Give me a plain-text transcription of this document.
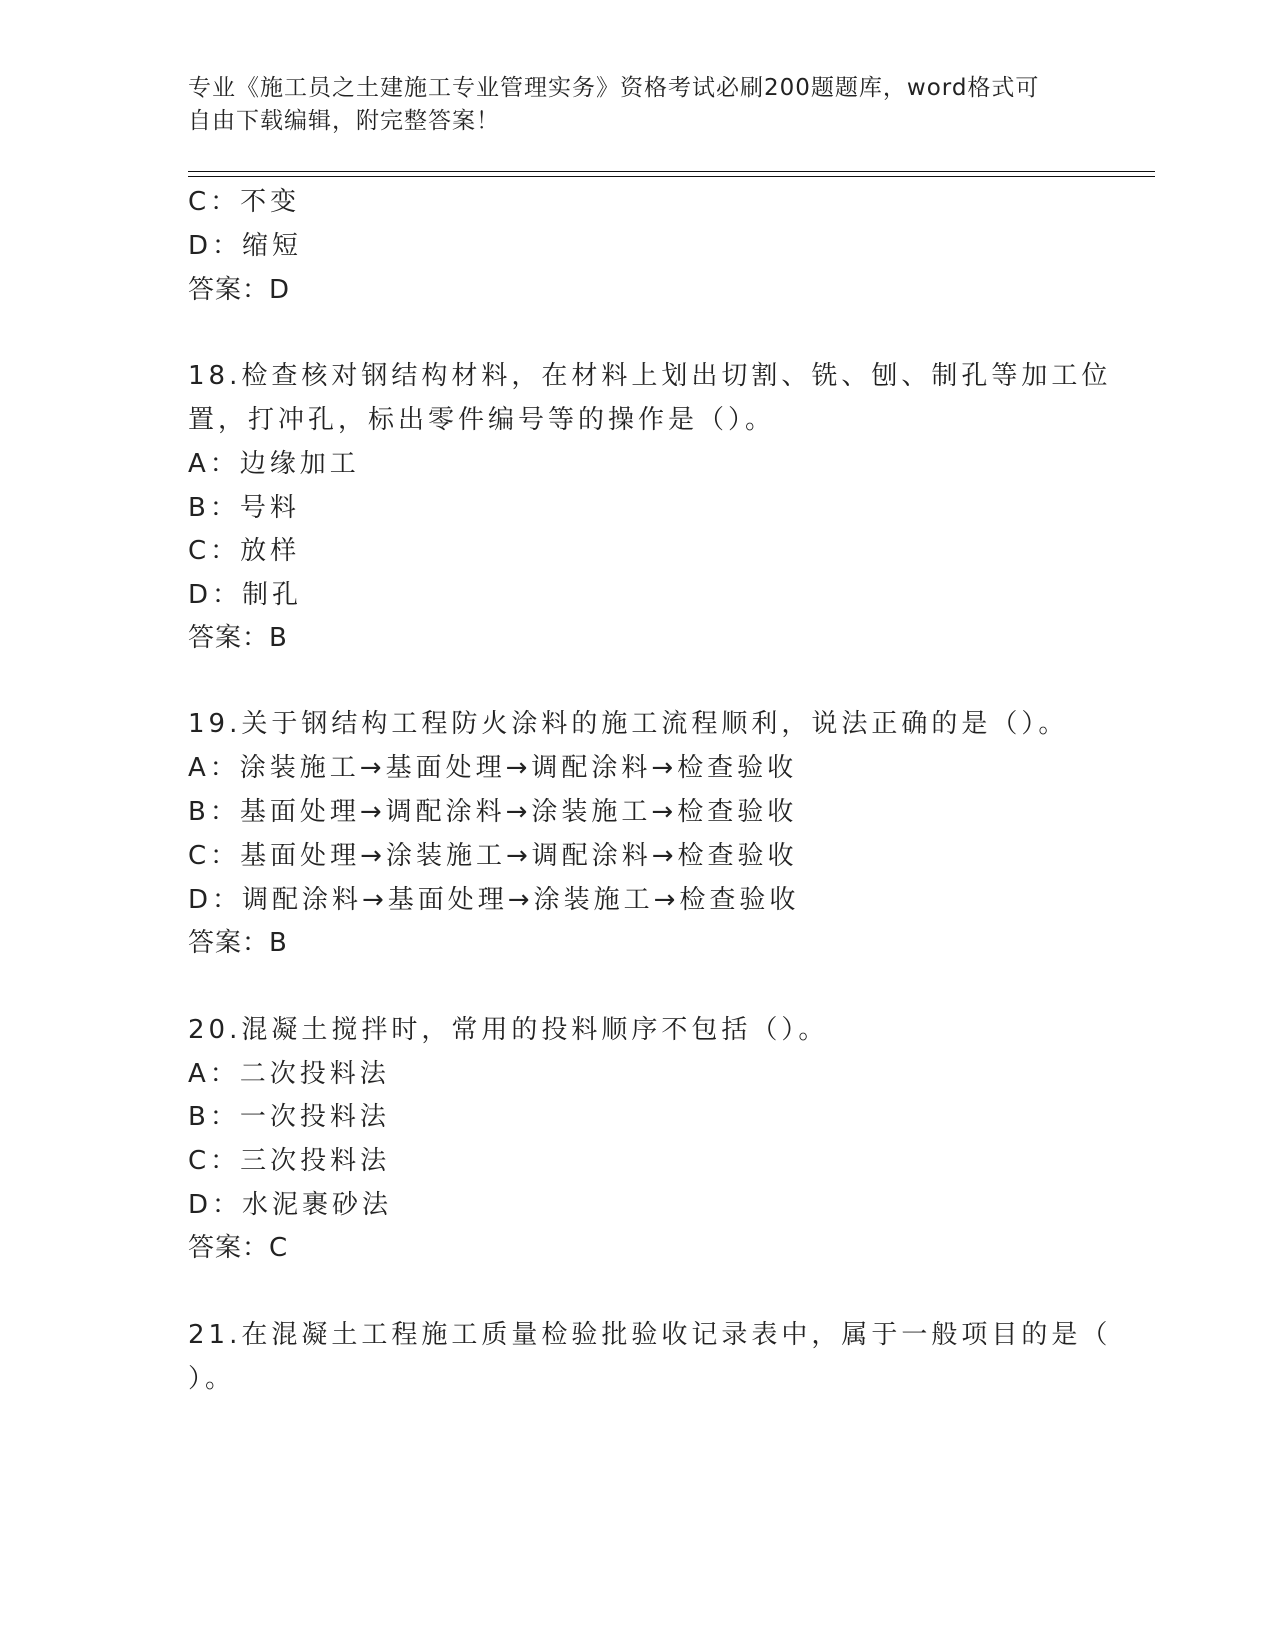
专业《施工员之土建施工专业管理实务》资格考试必刷200题题库，word格式可
自由下载编辑，附完整答案！
C：不变
D：缩短
答案：D
18.检查核对钢结构材料，在材料上划出切割、铣、刨、制孔等加工位
置，打冲孔，标出零件编号等的操作是（）。
A：边缘加工
B：号料
C：放样
D：制孔
答案：B
19.关于钢结构工程防火涂料的施工流程顺利，说法正确的是（）。
A：涂装施工→基面处理→调配涂料→检查验收
B：基面处理→调配涂料→涂装施工→检查验收
C：基面处理→涂装施工→调配涂料→检查验收
D：调配涂料→基面处理→涂装施工→检查验收
答案：B
20.混凝土搅拌时，常用的投料顺序不包括（）。
A：二次投料法
B：一次投料法
C：三次投料法
D：水泥裹砂法
答案：C
21.在混凝土工程施工质量检验批验收记录表中，属于一般项目的是（
）。
